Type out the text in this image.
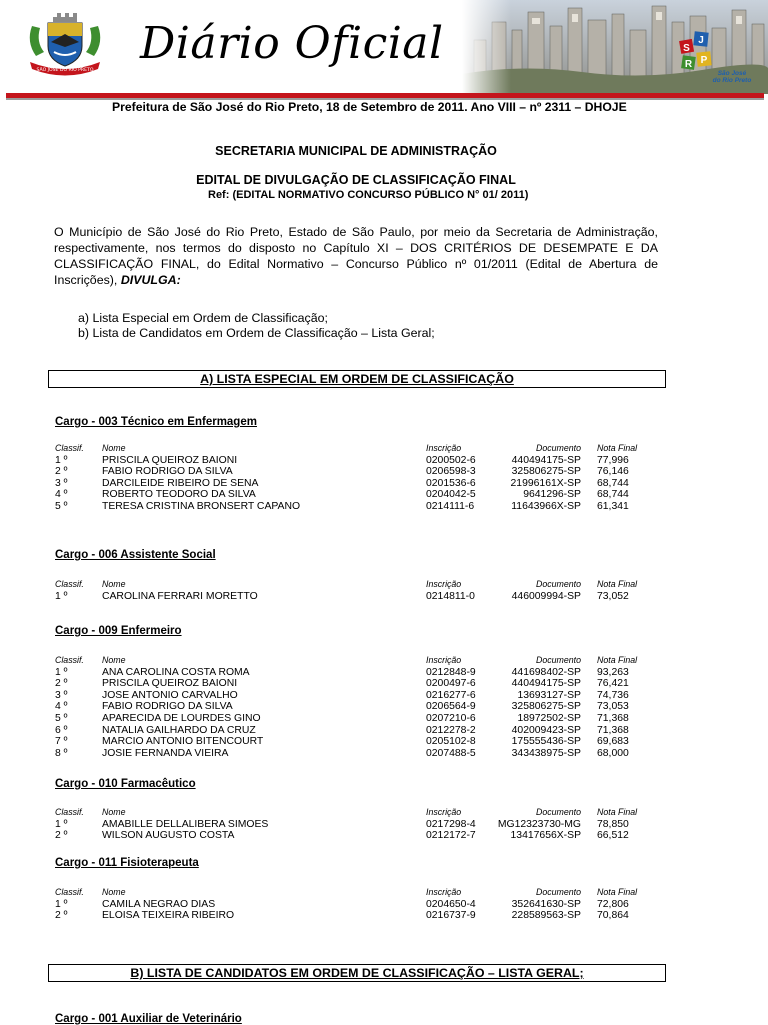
SÃO JOSÉ DO RIO PRETO
Diário Oficial	S
J
R P
São José
do Rio Preto
Prefeitura de São José do Rio Preto, 18 de Setembro de 2011. Ano VIII – nº 2311 – DHOJE
SECRETARIA MUNICIPAL DE ADMINISTRAÇÃO
EDITAL DE DIVULGAÇÃO DE CLASSIFICAÇÃO FINAL
Ref: (EDITAL NORMATIVO CONCURSO PÚBLICO N° 01/ 2011)
O Município de São José do Rio Preto, Estado de São Paulo, por meio da Secretaria de Administração, respectivamente, nos termos do disposto no Capítulo XI – DOS CRITÉRIOS DE DESEMPATE E DA CLASSIFICAÇÃO FINAL, do Edital Normativo – Concurso Público nº 01/2011 (Edital de Abertura de Inscrições), DIVULGA:
a) Lista Especial em Ordem de Classificação;
b) Lista de Candidatos em Ordem de Classificação – Lista Geral;
A) LISTA ESPECIAL EM ORDEM DE CLASSIFICAÇÃO
Cargo - 003 Técnico em Enfermagem
Classif. Nome	Inscrição	Documento Nota Final
1 º	PRISCILA QUEIROZ BAIONI	0200502-6	440494175-SP 77,996
2 º	FABIO RODRIGO DA SILVA	0206598-3	325806275-SP 76,146
3 º	DARCILEIDE RIBEIRO DE SENA	0201536-6	21996161X-SP 68,744
4 º	ROBERTO TEODORO DA SILVA	0204042-5	9641296-SP 68,744
5 º	TERESA CRISTINA BRONSERT CAPANO	0214111-6	11643966X-SP 61,341
Cargo - 006 Assistente Social
Classif. Nome	Inscrição	Documento Nota Final
1 º	CAROLINA FERRARI MORETTO	0214811-0	446009994-SP 73,052
Cargo - 009 Enfermeiro
Classif. Nome	Inscrição	Documento Nota Final
1 º	ANA CAROLINA COSTA ROMA	0212848-9	441698402-SP 93,263
2 º	PRISCILA QUEIROZ BAIONI	0200497-6	440494175-SP 76,421
3 º	JOSE ANTONIO CARVALHO	0216277-6	13693127-SP 74,736
4 º	FABIO RODRIGO DA SILVA	0206564-9	325806275-SP 73,053
5 º	APARECIDA DE LOURDES GINO	0207210-6	18972502-SP 71,368
6 º	NATALIA GAILHARDO DA CRUZ	0212278-2	402009423-SP 71,368
7 º	MARCIO ANTONIO BITENCOURT	0205102-8	175555436-SP 69,683
8 º	JOSIE FERNANDA VIEIRA	0207488-5	343438975-SP 68,000
Cargo - 010 Farmacêutico
Classif. Nome	Inscrição	Documento Nota Final
1 º	AMABILLE DELLALIBERA SIMOES	0217298-4 MG12323730-MG 78,850
2 º	WILSON AUGUSTO COSTA	0212172-7	13417656X-SP 66,512
Cargo - 011 Fisioterapeuta
Classif. Nome	Inscrição	Documento Nota Final
1 º	CAMILA NEGRAO DIAS	0204650-4	352641630-SP 72,806
2 º	ELOISA TEIXEIRA RIBEIRO	0216737-9	228589563-SP 70,864
B) LISTA DE CANDIDATOS EM ORDEM DE CLASSIFICAÇÃO – LISTA GERAL;
Cargo - 001 Auxiliar de Veterinário
